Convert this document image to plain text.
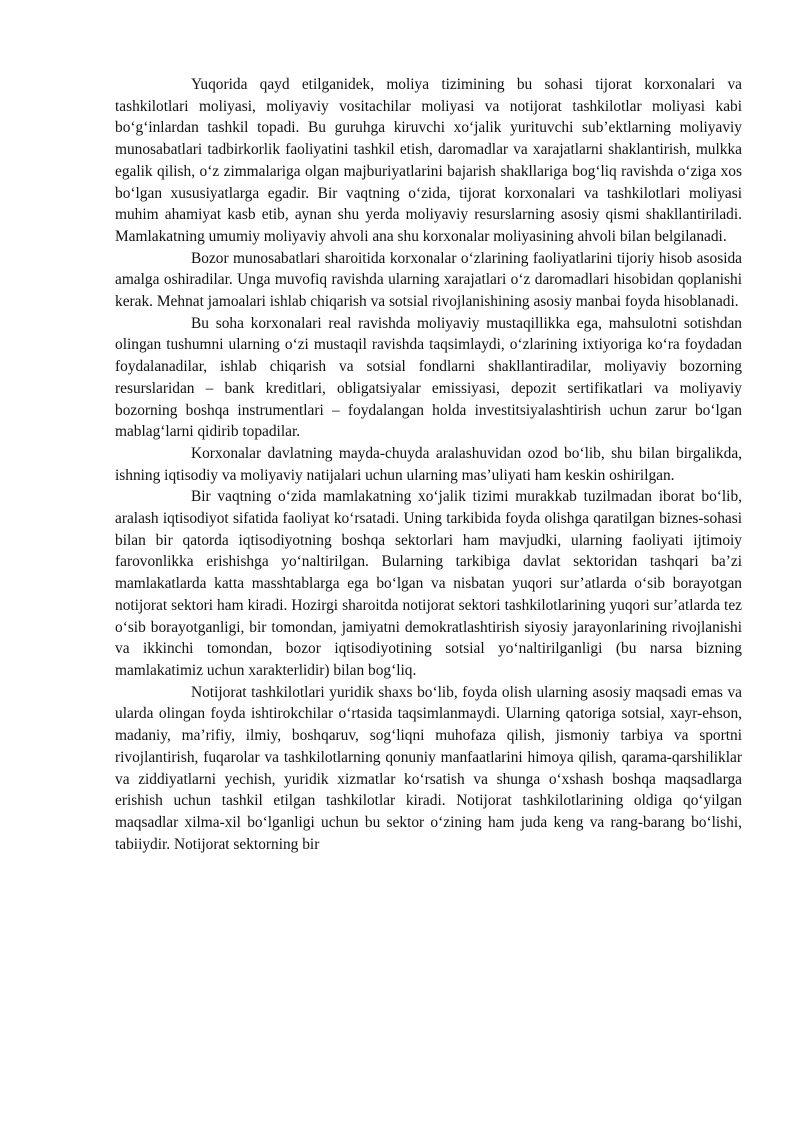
Yuqorida qayd etilganidek, moliya tizimining bu sohasi tijorat korxonalari va tashkilotlari moliyasi, moliyaviy vositachilar moliyasi va notijorat tashkilotlar moliyasi kabi bo‘g‘inlardan tashkil topadi. Bu guruhga kiruvchi xo‘jalik yurituvchi sub’ektlarning moliyaviy munosabatlari tadbirkorlik faoliyatini tashkil etish, daromadlar va xarajatlarni shaklantirish, mulkka egalik qilish, o‘z zimmalariga olgan majburiyatlarini bajarish shakllariga bog‘liq ravishda o‘ziga xos bo‘lgan xususiyatlarga egadir. Bir vaqtning o‘zida, tijorat korxonalari va tashkilotlari moliyasi muhim ahamiyat kasb etib, aynan shu yerda moliyaviy resurslarning asosiy qismi shakllantiriladi. Mamlakatning umumiy moliyaviy ahvoli ana shu korxonalar moliyasining ahvoli bilan belgilanadi.

Bozor munosabatlari sharoitida korxonalar o‘zlarining faoliyatlarini tijoriy hisob asosida amalga oshiradilar. Unga muvofiq ravishda ularning xarajatlari o‘z daromadlari hisobidan qoplanishi kerak. Mehnat jamoalari ishlab chiqarish va sotsial rivojlanishining asosiy manbai foyda hisoblanadi.

Bu soha korxonalari real ravishda moliyaviy mustaqillikka ega, mahsulotni sotishdan olingan tushumni ularning o‘zi mustaqil ravishda taqsimlaydi, o‘zlarining ixtiyoriga ko‘ra foydadan foydalanadilar, ishlab chiqarish va sotsial fondlarni shakllantiradilar, moliyaviy bozorning resurslaridan – bank kreditlari, obligatsiyalar emissiyasi, depozit sertifikatlari va moliyaviy bozorning boshqa instrumentlari – foydalangan holda investitsiyalashtirish uchun zarur bo‘lgan mablag‘larni qidirib topadilar.

Korxonalar davlatning mayda-chuyda aralashuvidan ozod bo‘lib, shu bilan birgalikda, ishning iqtisodiy va moliyaviy natijalari uchun ularning mas’uliyati ham keskin oshirilgan.

Bir vaqtning o‘zida mamlakatning xo‘jalik tizimi murakkab tuzilmadan iborat bo‘lib, aralash iqtisodiyot sifatida faoliyat ko‘rsatadi. Uning tarkibida foyda olishga qaratilgan biznes-sohasi bilan bir qatorda iqtisodiyotning boshqa sektorlari ham mavjudki, ularning faoliyati ijtimoiy farovonlikka erishishga yo‘naltirilgan. Bularning tarkibiga davlat sektoridan tashqari ba’zi mamlakatlarda katta masshtablarga ega bo‘lgan va nisbatan yuqori sur’atlarda o‘sib borayotgan notijorat sektori ham kiradi. Hozirgi sharoitda notijorat sektori tashkilotlarining yuqori sur’atlarda tez o‘sib borayotganligi, bir tomondan, jamiyatni demokratlashtirish siyosiy jarayonlarining rivojlanishi va ikkinchi tomondan, bozor iqtisodiyotining sotsial yo‘naltirilganligi (bu narsa bizning mamlakatimiz uchun xarakterlidir) bilan bog‘liq.

Notijorat tashkilotlari yuridik shaxs bo‘lib, foyda olish ularning asosiy maqsadi emas va ularda olingan foyda ishtirokchilar o‘rtasida taqsimlanmaydi. Ularning qatoriga sotsial, xayr-ehson, madaniy, ma’rifiy, ilmiy, boshqaruv, sog‘liqni muhofaza qilish, jismoniy tarbiya va sportni rivojlantirish, fuqarolar va tashkilotlarning qonuniy manfaatlarini himoya qilish, qarama-qarshiliklar va ziddiyatlarni yechish, yuridik xizmatlar ko‘rsatish va shunga o‘xshash boshqa maqsadlarga erishish uchun tashkil etilgan tashkilotlar kiradi. Notijorat tashkilotlarining oldiga qo‘yilgan maqsadlar xilma-xil bo‘lganligi uchun bu sektor o‘zining ham juda keng va rang-barang bo‘lishi, tabiiydir. Notijorat sektorning bir
